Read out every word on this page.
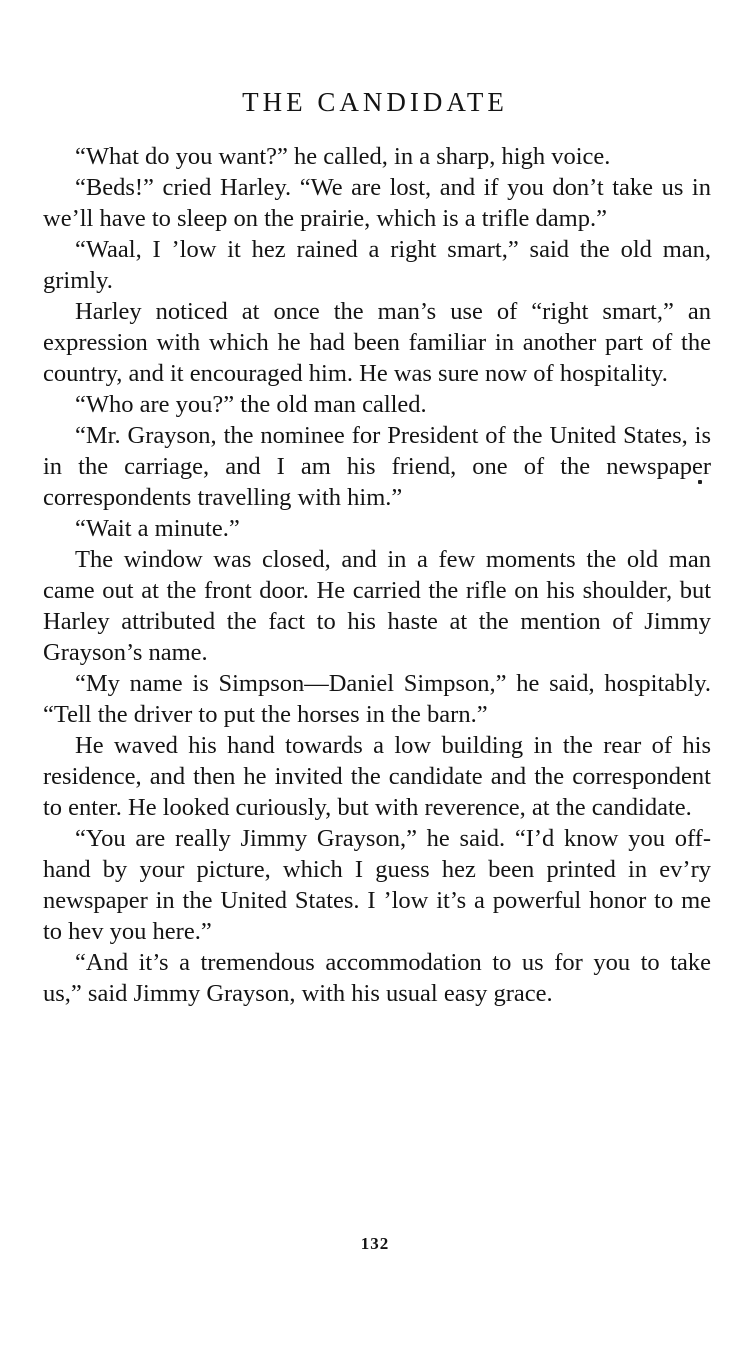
THE CANDIDATE

“What do you want?” he called, in a sharp, high voice.

“Beds!” cried Harley. “We are lost, and if you don’t take us in we’ll have to sleep on the prairie, which is a trifle damp.”

“Waal, I ’low it hez rained a right smart,” said the old man, grimly.

Harley noticed at once the man’s use of “right smart,” an expression with which he had been familiar in another part of the country, and it encouraged him. He was sure now of hospitality.

“Who are you?” the old man called.

“Mr. Grayson, the nominee for President of the United States, is in the carriage, and I am his friend, one of the newspaper correspondents travelling with him.”

“Wait a minute.”

The window was closed, and in a few moments the old man came out at the front door. He carried the rifle on his shoulder, but Harley attributed the fact to his haste at the mention of Jimmy Grayson’s name.

“My name is Simpson—Daniel Simpson,” he said, hospitably. “Tell the driver to put the horses in the barn.”

He waved his hand towards a low building in the rear of his residence, and then he invited the candidate and the correspondent to enter. He looked curiously, but with reverence, at the candidate.

“You are really Jimmy Grayson,” he said. “I’d know you off-hand by your picture, which I guess hez been printed in ev’ry newspaper in the United States. I ’low it’s a powerful honor to me to hev you here.”

“And it’s a tremendous accommodation to us for you to take us,” said Jimmy Grayson, with his usual easy grace.

132
